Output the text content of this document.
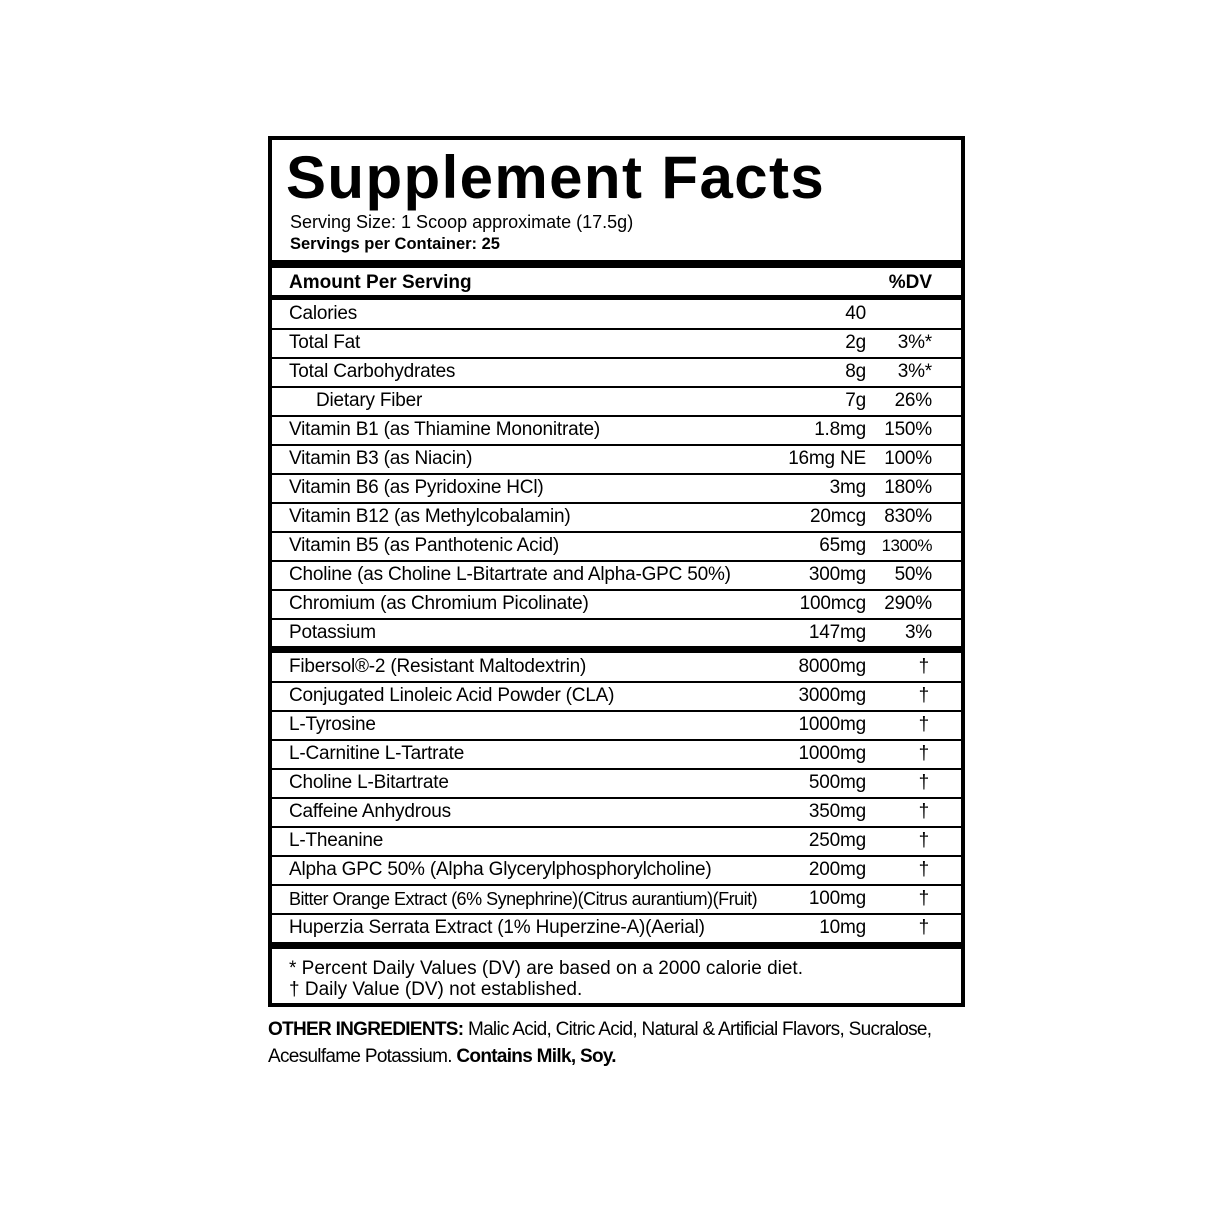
Supplement Facts
Serving Size: 1 Scoop approximate (17.5g)
Servings per Container: 25
Amount Per Serving	%DV
Calories	40
Total Fat	2g 3%*
Total Carbohydrates	8g 3%*
Dietary Fiber	7g 26%
Vitamin B1 (as Thiamine Mononitrate)	1.8mg 150%
Vitamin B3 (as Niacin)	16mg NE 100%
Vitamin B6 (as Pyridoxine HCl)	3mg 180%
Vitamin B12 (as Methylcobalamin)	20mcg 830%
Vitamin B5 (as Panthotenic Acid)	65mg 1300%
Choline (as Choline L-Bitartrate and Alpha-GPC 50%)	300mg 50%
Chromium (as Chromium Picolinate)	100mcg 290%
Potassium	147mg 3%
Fibersol®-2 (Resistant Maltodextrin)	8000mg	†
Conjugated Linoleic Acid Powder (CLA)	3000mg	†
L-Tyrosine	1000mg	†
L-Carnitine L-Tartrate	1000mg	†
Choline L-Bitartrate	500mg	†
Caffeine Anhydrous	350mg	†
L-Theanine	250mg	†
Alpha GPC 50% (Alpha Glycerylphosphorylcholine)	200mg	†
Bitter Orange Extract (6% Synephrine)(Citrus aurantium)(Fruit)	100mg	†
Huperzia Serrata Extract (1% Huperzine-A)(Aerial)	10mg	†
* Percent Daily Values (DV) are based on a 2000 calorie diet.
† Daily Value (DV) not established.
OTHER INGREDIENTS: Malic Acid, Citric Acid, Natural & Artificial Flavors, Sucralose,
Acesulfame Potassium. Contains Milk, Soy.
